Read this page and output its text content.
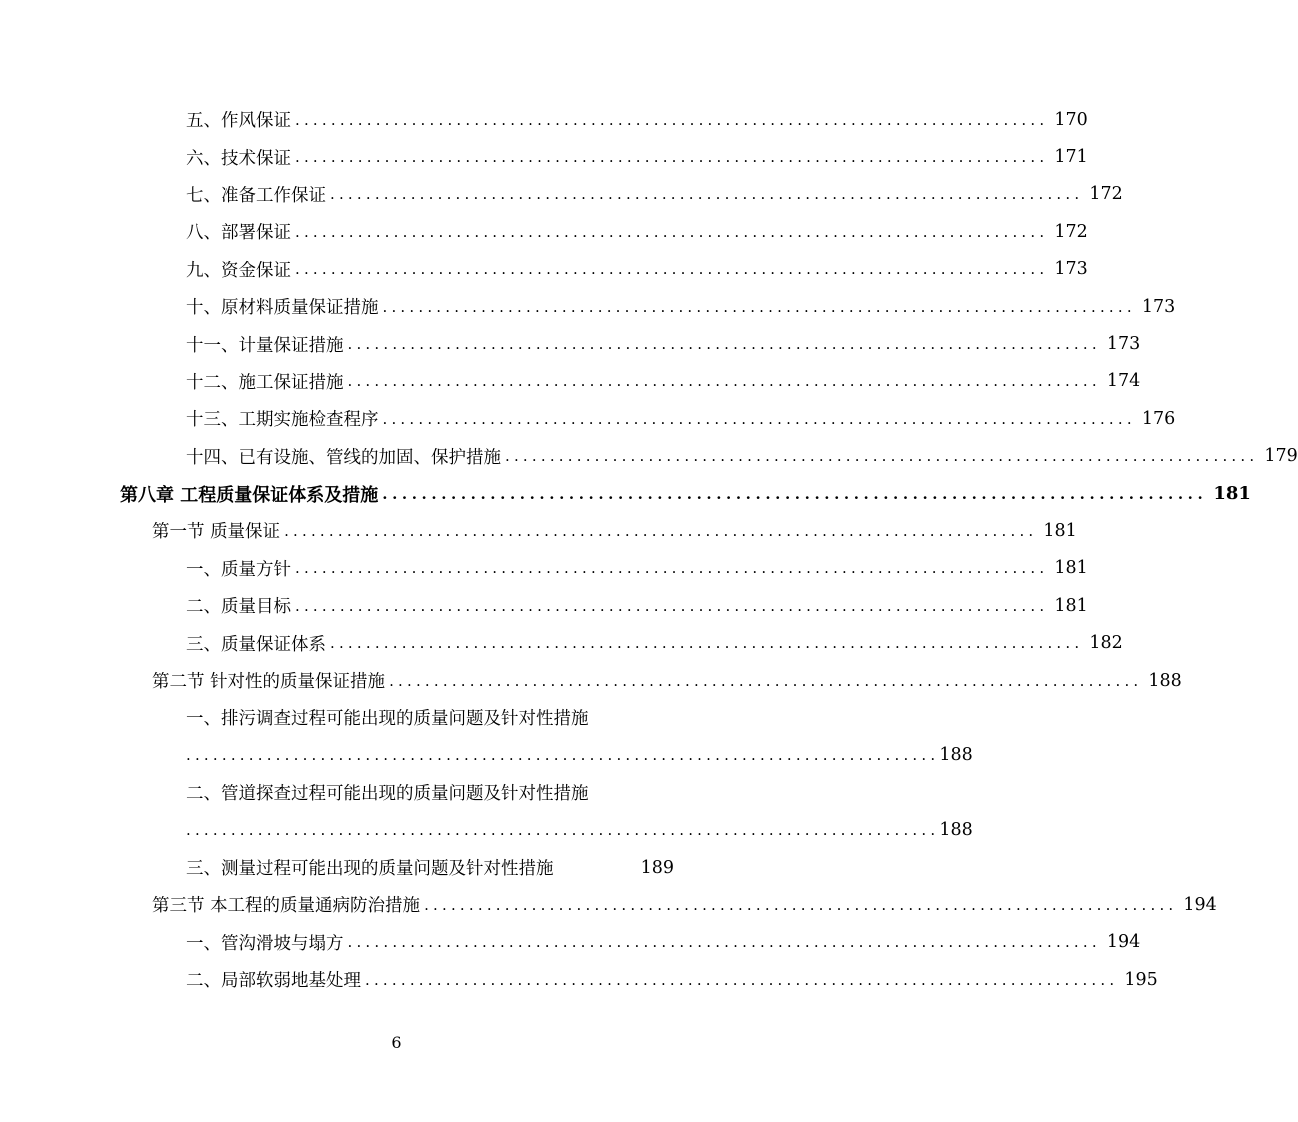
五、作风保证 .................................................................................... 170
六、技术保证 .................................................................................... 171
七、准备工作保证 .................................................................................... 172
八、部署保证 .................................................................................... 172
九、资金保证 .................................................................................... 173
十、原材料质量保证措施 .................................................................................... 173
十一、计量保证措施 .................................................................................... 173
十二、施工保证措施 .................................................................................... 174
十三、工期实施检查程序 .................................................................................... 176
十四、已有设施、管线的加固、保护措施 .................................................................................... 179
第八章 工程质量保证体系及措施 .................................................................................... 181
第一节 质量保证 .................................................................................... 181
一、质量方针 .................................................................................... 181
二、质量目标 .................................................................................... 181
三、质量保证体系 .................................................................................... 182
第二节 针对性的质量保证措施 .................................................................................... 188
一、排污调查过程可能出现的质量问题及针对性措施
.................................................................................... 188
二、管道探查过程可能出现的质量问题及针对性措施
.................................................................................... 188
三、测量过程可能出现的质量问题及针对性措施	189
第三节 本工程的质量通病防治措施 .................................................................................... 194
一、管沟滑坡与塌方 .................................................................................... 194
二、局部软弱地基处理 .................................................................................... 195
6
